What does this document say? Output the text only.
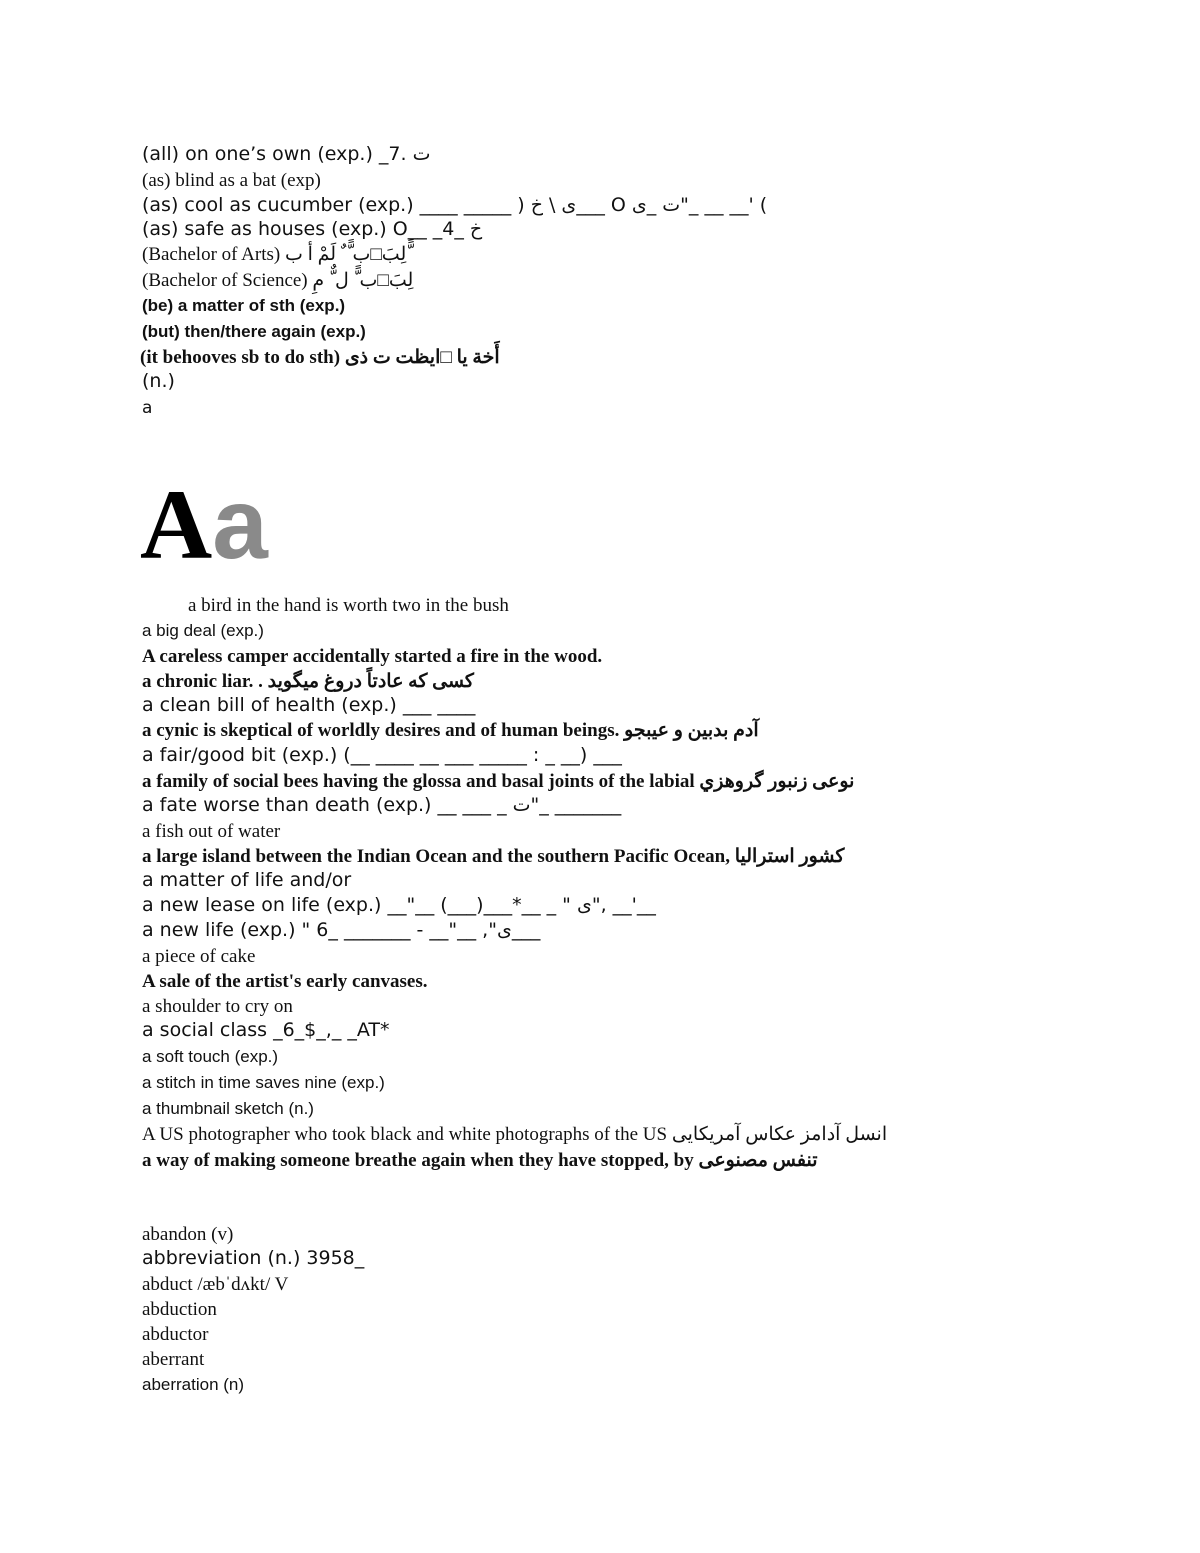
(all) on one’s own (exp.) _7. ت
(as) blind as a bat (exp)
(as) cool as cucumber (exp.) ____ _____ ) ى \ خ___ O ت _ى"_ __ __' (
(as) safe as houses (exp.) O__ _4_ خ
(Bachelor of Arts) لِبَ□ب ًّ ٌ لَمْ أ ب ًّ
(Bachelor of Science) لِبَ□ب ًّ ل ٌّ مِ
(be) a matter of sth (exp.)
(but) then/there again (exp.)
(it behooves sb to do sth) أَخة يا □ايظت ت ذى
(n.)
a
Aa
a bird in the hand is worth two in the bush
a big deal (exp.)
A careless camper accidentally started a fire in the wood.
a chronic liar. . كسی كه عادتاً دروغ ميگويد
a clean bill of health (exp.) ___ ____
a cynic is skeptical of worldly desires and of human beings. آدم بدبين و عيبجو
a fair/good bit (exp.) (__ ____ __ ___ _____ : _ __) ___
a family of social bees having the glossa and basal joints of the labial نوعی زنبور گروهزي
a fate worse than death (exp.) __ ___ _ ت"_ _______
a fish out of water
a large island between the Indian Ocean and the southern Pacific Ocean, كشور استراليا
a matter of life and/or
a new lease on life (exp.) __"__ (___)___*__ _ " ى", __'__
a new life (exp.) " 6_ _______ - __"__ ,"ى___
a piece of cake
A sale of the artist's early canvases.
a shoulder to cry on
a social class _6_$_,_ _AT*
a soft touch (exp.)
a stitch in time saves nine (exp.)
a thumbnail sketch (n.)
A US photographer who took black and white photographs of the US انسل آدامز عكاس آمريكايی
a way of making someone breathe again when they have stopped, by تنفس مصنوعی
abandon (v)
abbreviation (n.) 3958_
abduct /æbˈdʌkt/ V
abduction
abductor
aberrant
aberration (n)
